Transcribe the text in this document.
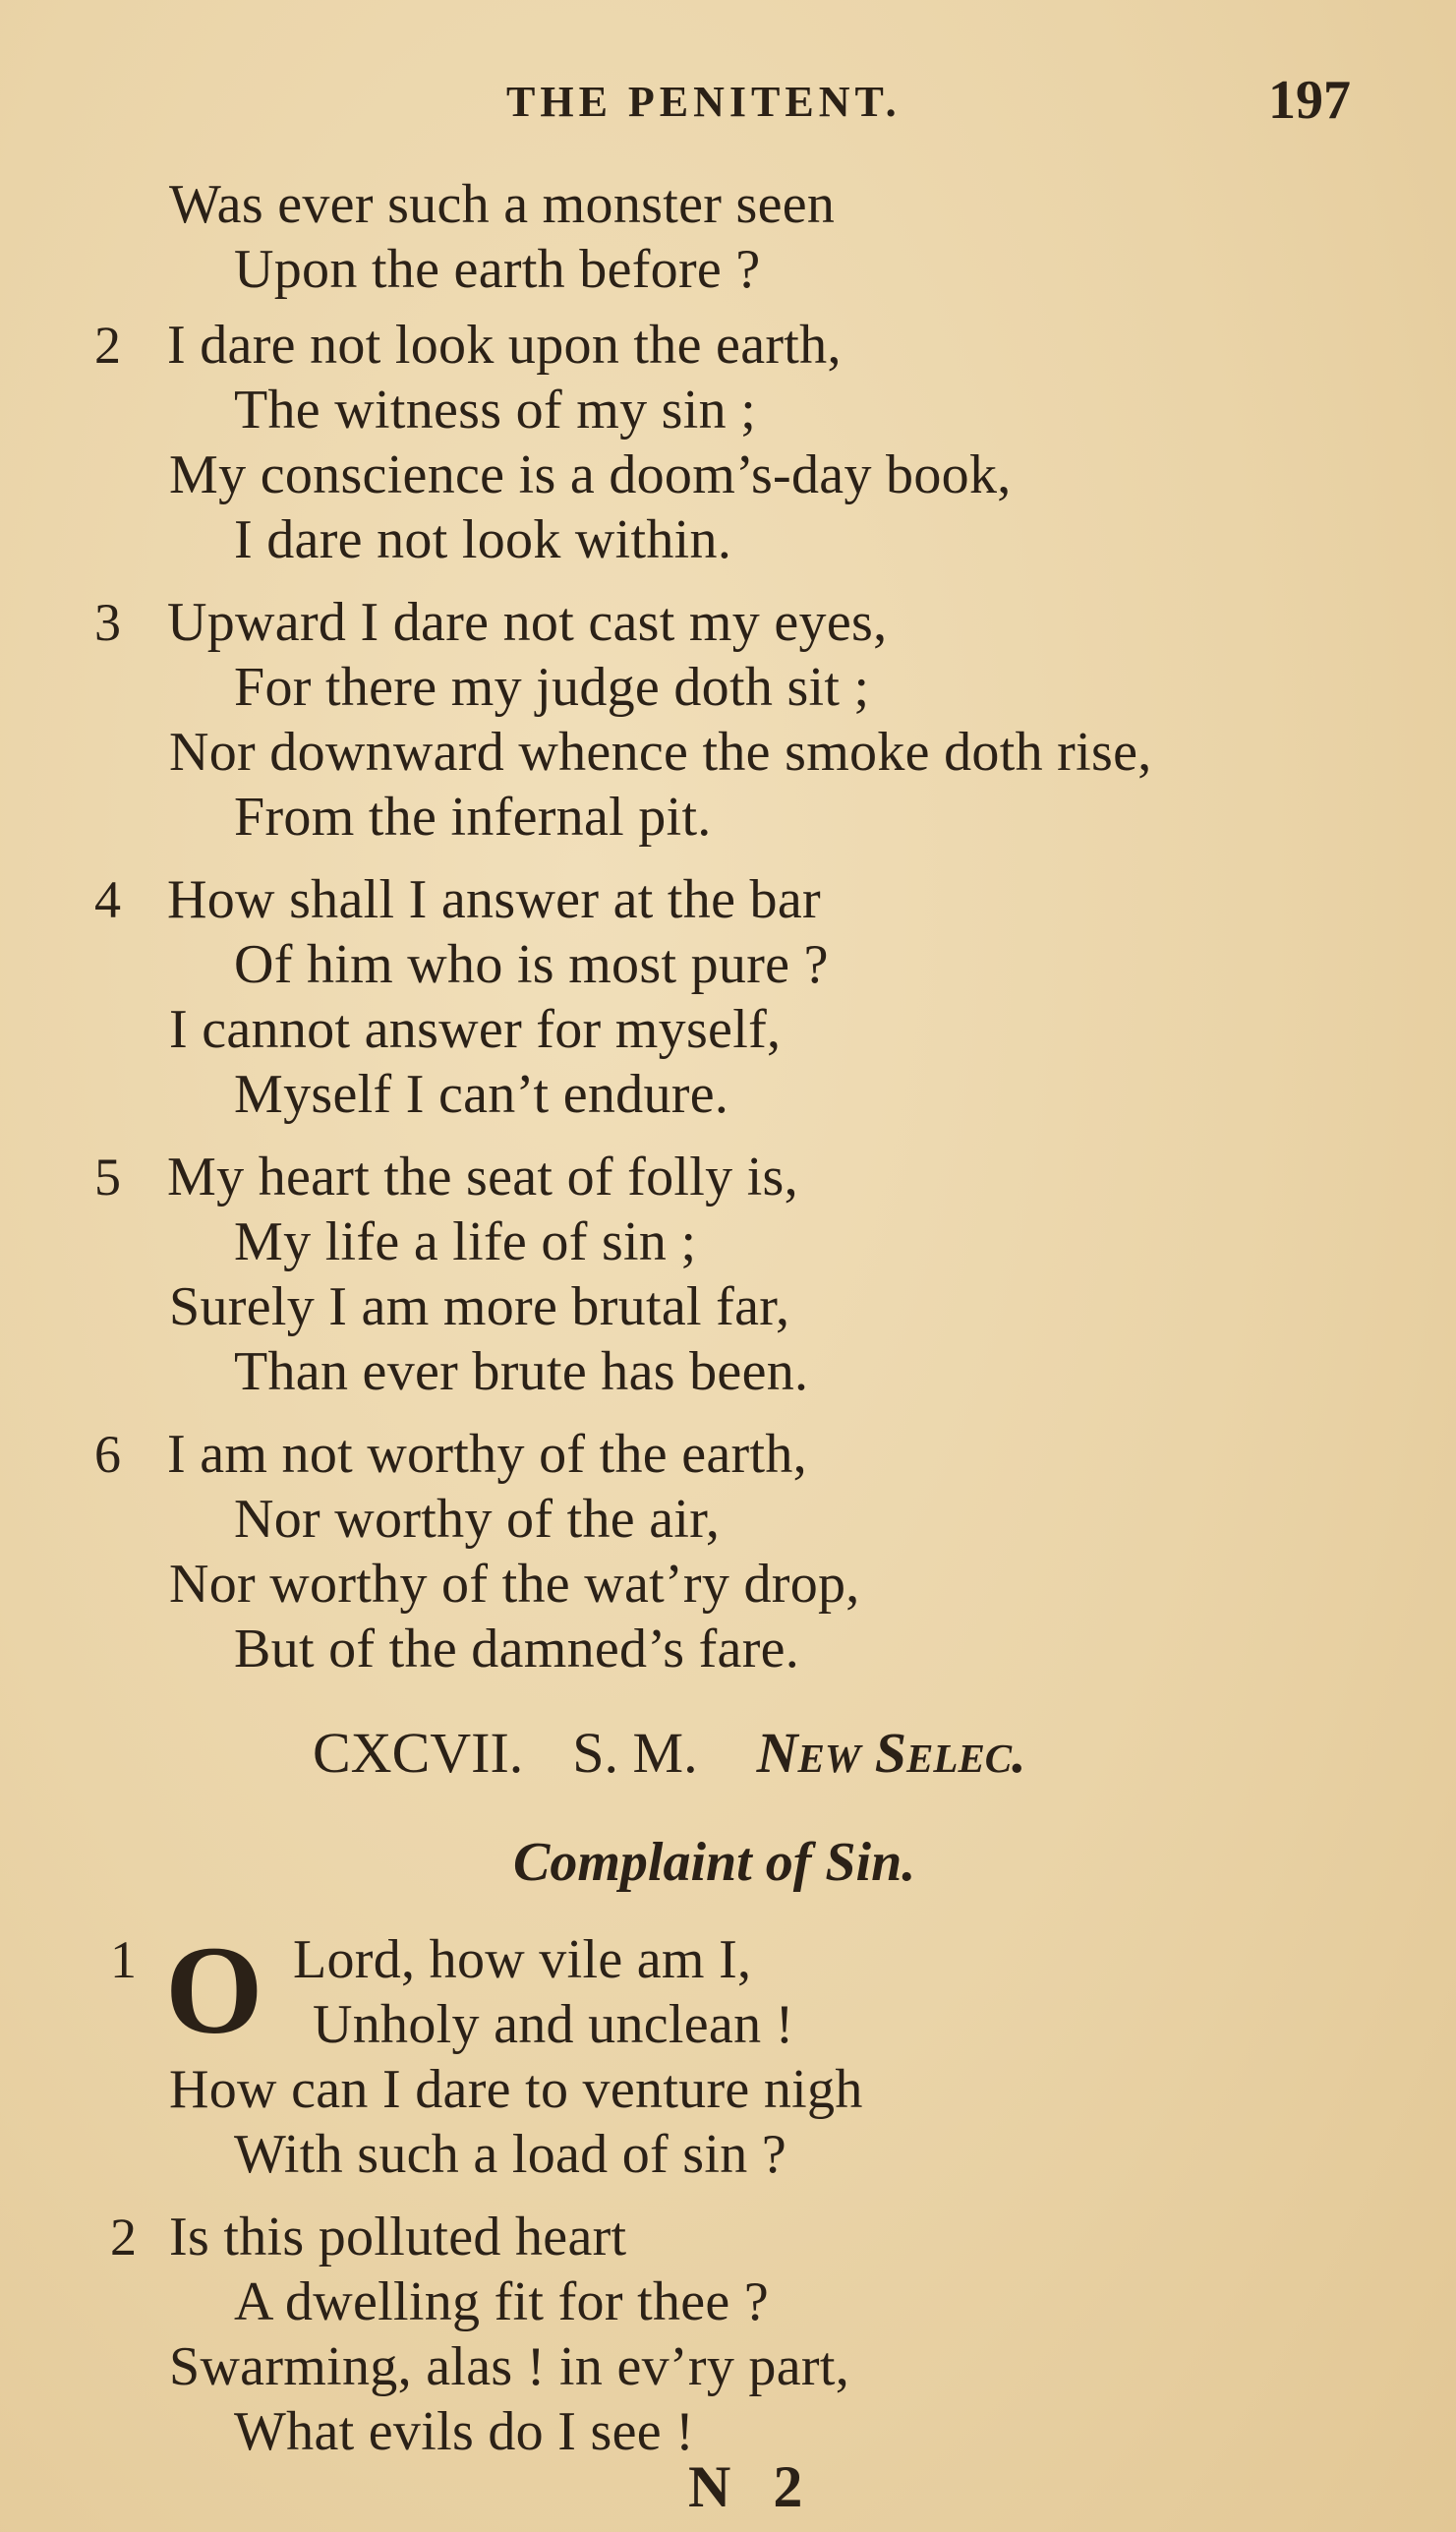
THE PENITENT.	197
Was ever such a monster seen
Upon the earth before ?
2 I dare not look upon the earth,
The witness of my sin ;
My conscience is a doom’s-day book,
I dare not look within.
3 Upward I dare not cast my eyes,
For there my judge doth sit ;
Nor downward whence the smoke doth rise,
From the infernal pit.
4 How shall I answer at the bar
Of him who is most pure ?
I cannot answer for myself,
Myself I can’t endure.
5 My heart the seat of folly is,
My life a life of sin ;
Surely I am more brutal far,
Than ever brute has been.
6 I am not worthy of the earth,
Nor worthy of the air,
Nor worthy of the wat’ry drop,
But of the damned’s fare.
CXCVII. S. M. New Selec.
Complaint of Sin.
1 O Lord, how vile am I,
Unholy and unclean !
How can I dare to venture nigh
With such a load of sin ?
2 Is this polluted heart
A dwelling fit for thee ?
Swarming, alas ! in ev’ry part,
What evils do I see !
N 2
